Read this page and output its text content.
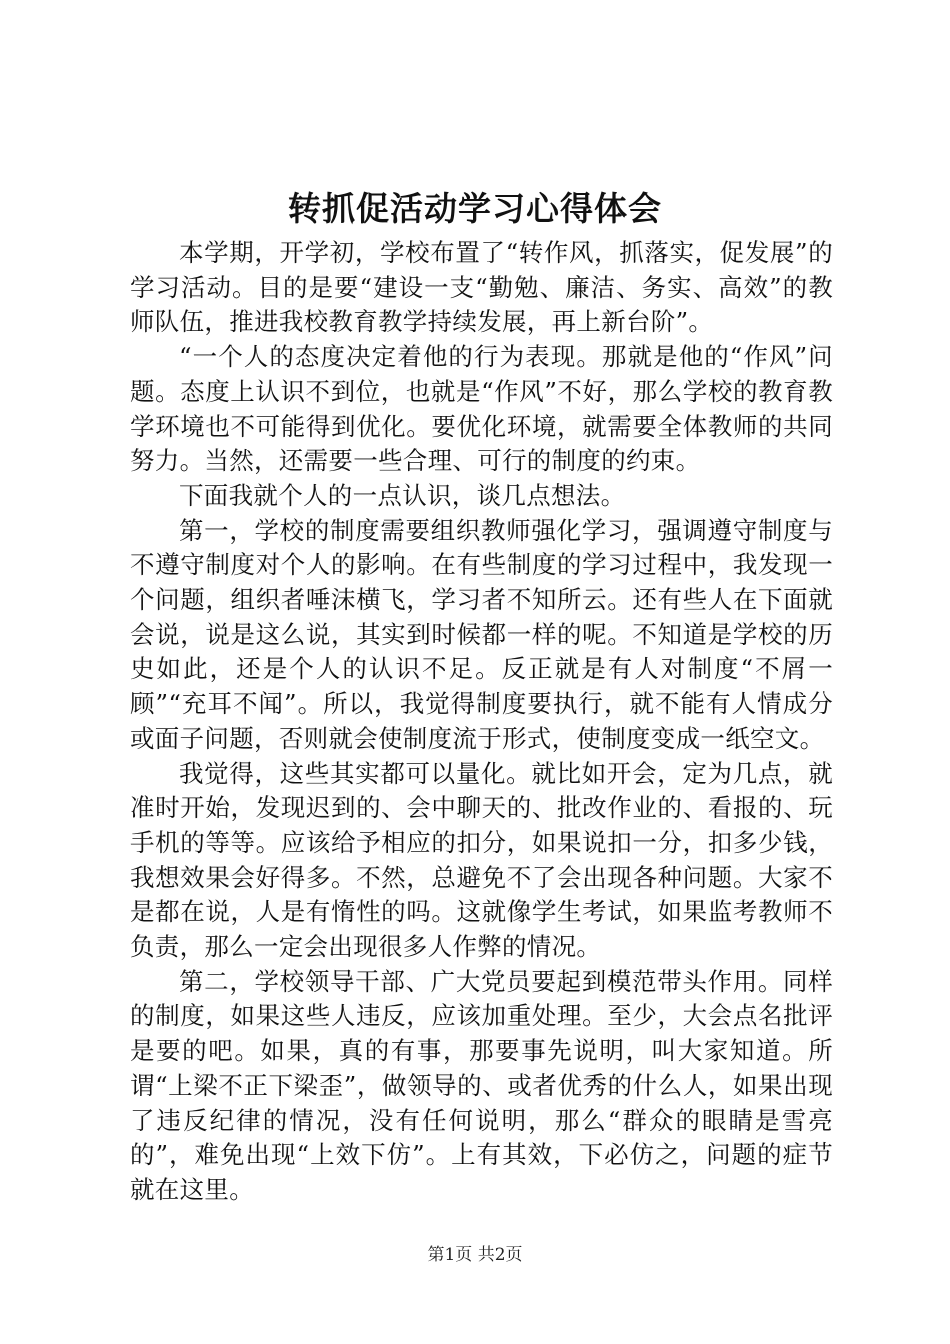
转抓促活动学习心得体会

本学期，开学初，学校布置了“转作风，抓落实，促发展”的学习活动。目的是要“建设一支“勤勉、廉洁、务实、高效”的教师队伍，推进我校教育教学持续发展，再上新台阶”。

“一个人的态度决定着他的行为表现。那就是他的“作风”问题。态度上认识不到位，也就是“作风”不好，那么学校的教育教学环境也不可能得到优化。要优化环境，就需要全体教师的共同努力。当然，还需要一些合理、可行的制度的约束。

下面我就个人的一点认识，谈几点想法。

第一，学校的制度需要组织教师强化学习，强调遵守制度与不遵守制度对个人的影响。在有些制度的学习过程中，我发现一个问题，组织者唾沫横飞，学习者不知所云。还有些人在下面就会说，说是这么说，其实到时候都一样的呢。不知道是学校的历史如此，还是个人的认识不足。反正就是有人对制度“不屑一顾”“充耳不闻”。所以，我觉得制度要执行，就不能有人情成分或面子问题，否则就会使制度流于形式，使制度变成一纸空文。

我觉得，这些其实都可以量化。就比如开会，定为几点，就准时开始，发现迟到的、会中聊天的、批改作业的、看报的、玩手机的等等。应该给予相应的扣分，如果说扣一分，扣多少钱，我想效果会好得多。不然，总避免不了会出现各种问题。大家不是都在说，人是有惰性的吗。这就像学生考试，如果监考教师不负责，那么一定会出现很多人作弊的情况。

第二，学校领导干部、广大党员要起到模范带头作用。同样的制度，如果这些人违反，应该加重处理。至少，大会点名批评是要的吧。如果，真的有事，那要事先说明，叫大家知道。所谓“上梁不正下梁歪”，做领导的、或者优秀的什么人，如果出现了违反纪律的情况，没有任何说明，那么“群众的眼睛是雪亮的”，难免出现“上效下仿”。上有其效，下必仿之，问题的症节就在这里。

第1页 共2页
